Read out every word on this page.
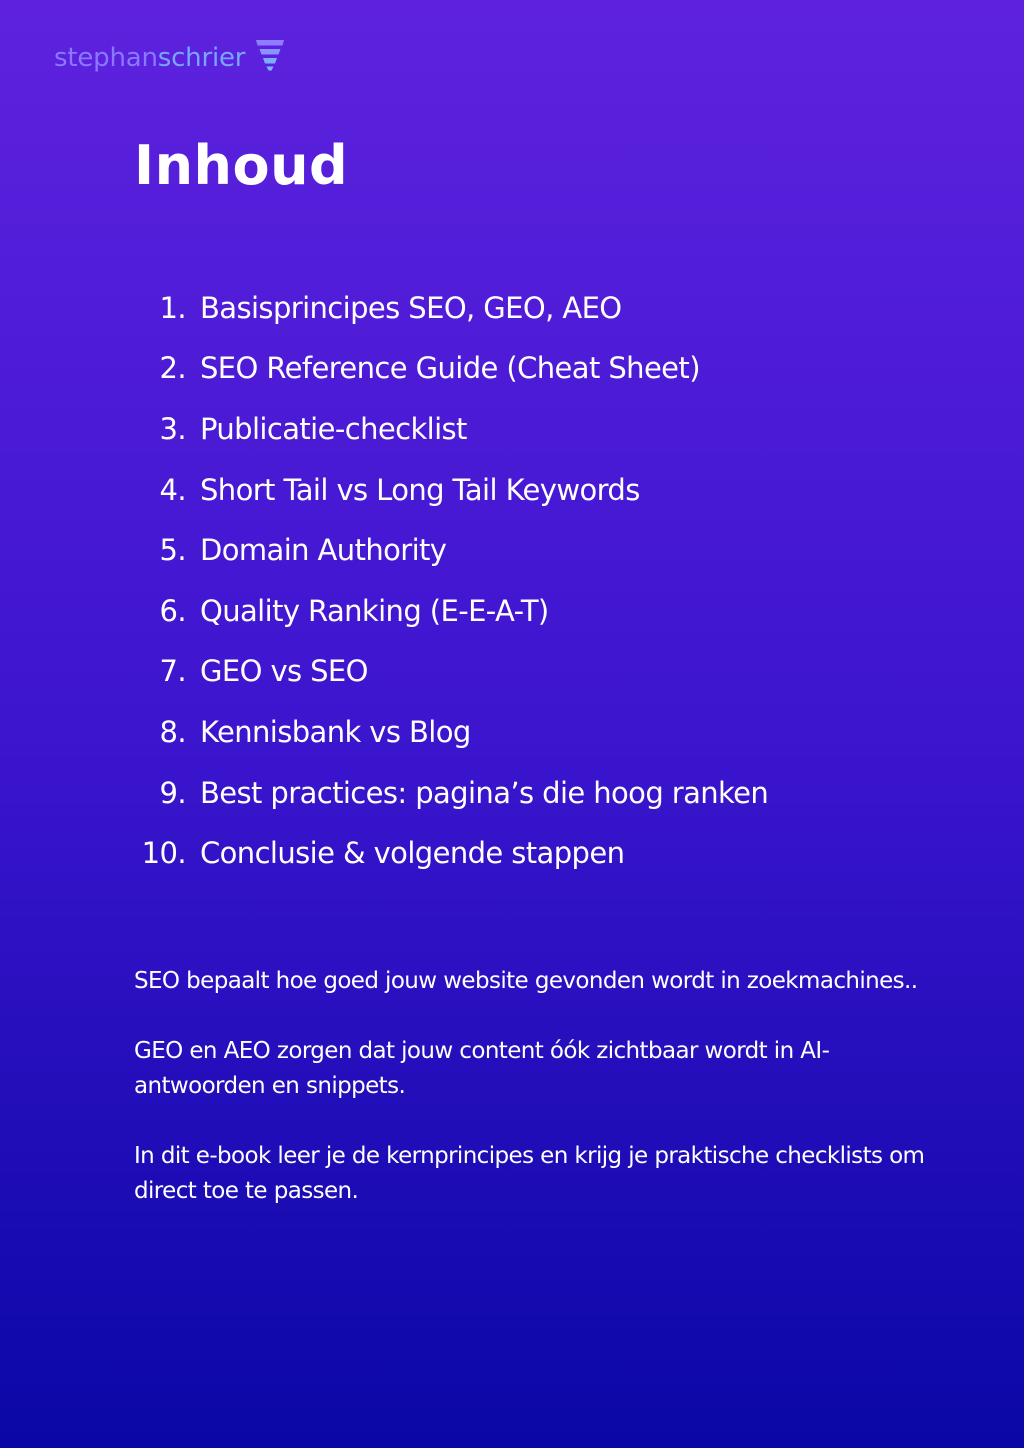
stephanschrier
Inhoud
1. Basisprincipes SEO, GEO, AEO
2. SEO Reference Guide (Cheat Sheet)
3. Publicatie-checklist
4. Short Tail vs Long Tail Keywords
5. Domain Authority
6. Quality Ranking (E-E-A-T)
7. GEO vs SEO
8. Kennisbank vs Blog
9. Best practices: pagina’s die hoog ranken
10. Conclusie & volgende stappen

SEO bepaalt hoe goed jouw website gevonden wordt in zoekmachines..

GEO en AEO zorgen dat jouw content óók zichtbaar wordt in AI-antwoorden en snippets.

In dit e-book leer je de kernprincipes en krijg je praktische checklists om direct toe te passen.
